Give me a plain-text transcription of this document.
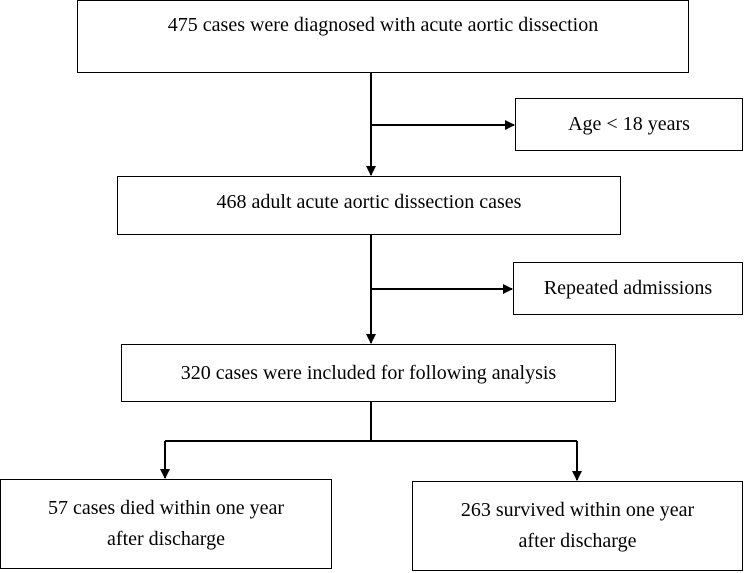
475 cases were diagnosed with acute aortic dissection
Age < 18 years
468 adult acute aortic dissection cases
Repeated admissions
320 cases were included for following analysis
57 cases died within one year
after discharge
263 survived within one year
after discharge
